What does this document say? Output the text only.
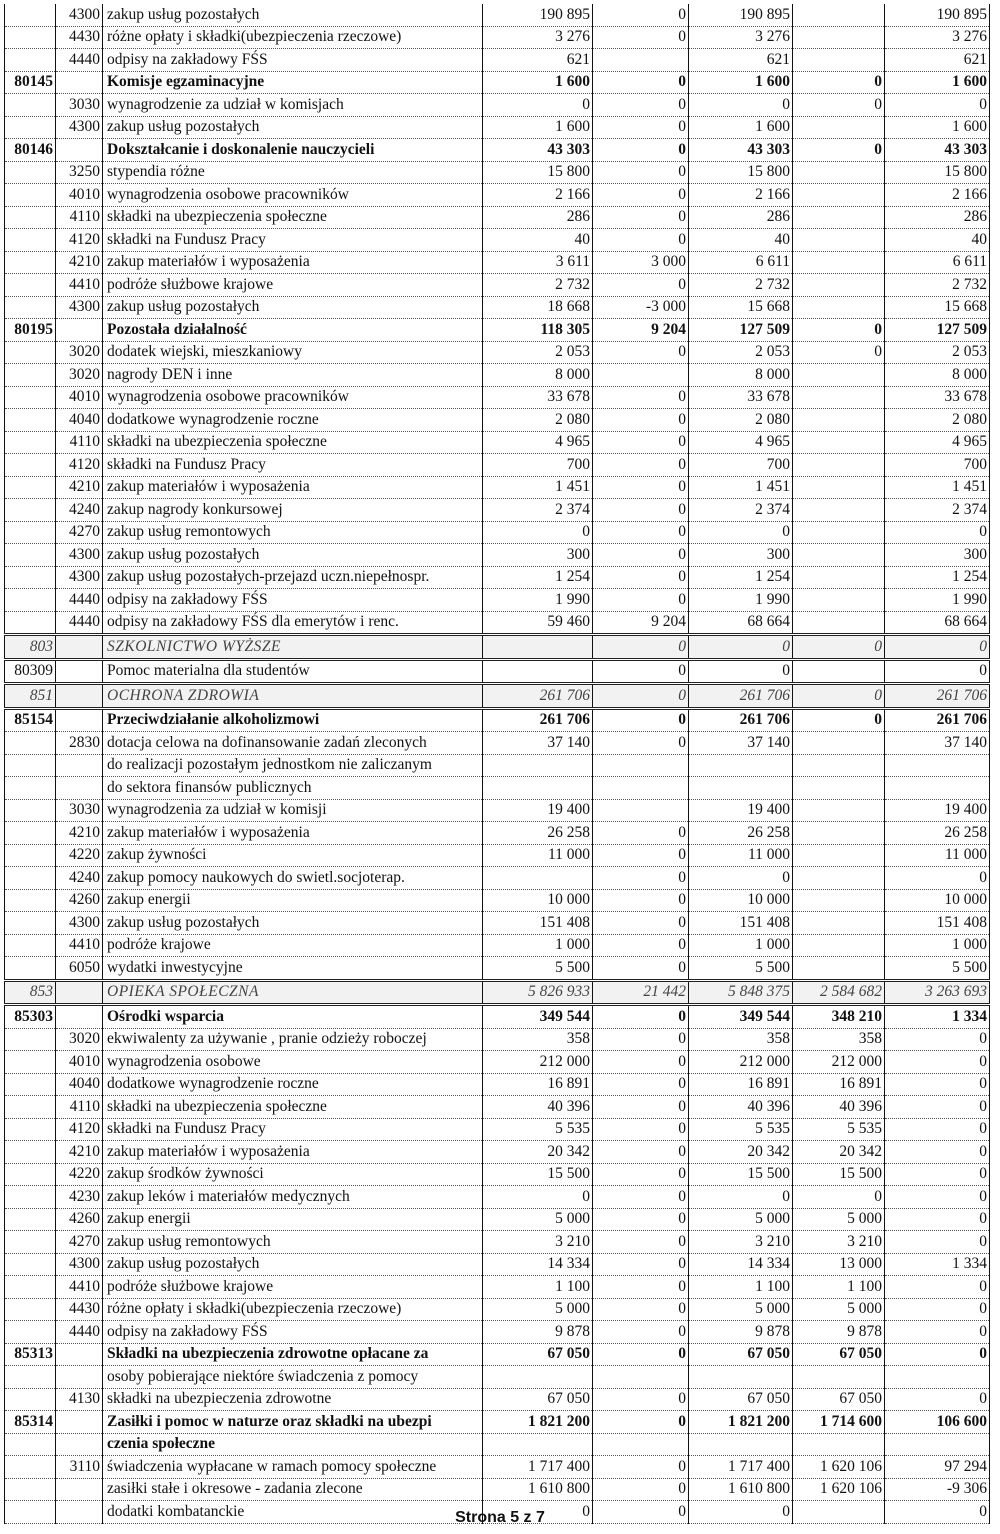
	4300	zakup usług pozostałych	190 895	0	190 895		190 895
	4430	różne opłaty i składki(ubezpieczenia rzeczowe)	3 276	0	3 276		3 276
	4440	odpisy na zakładowy FŚS	621		621		621
80145		Komisje egzaminacyjne	1 600	0	1 600	0	1 600
	3030	wynagrodzenie za udział w komisjach	0	0	0	0	0
	4300	zakup usług pozostałych	1 600	0	1 600		1 600
80146		Dokształcanie i doskonalenie nauczycieli	43 303	0	43 303	0	43 303
	3250	stypendia różne	15 800	0	15 800		15 800
	4010	wynagrodzenia osobowe pracowników	2 166	0	2 166		2 166
	4110	składki na ubezpieczenia społeczne	286	0	286		286
	4120	składki na Fundusz Pracy	40	0	40		40
	4210	zakup materiałów i wyposażenia	3 611	3 000	6 611		6 611
	4410	podróże służbowe krajowe	2 732	0	2 732		2 732
	4300	zakup usług pozostałych	18 668	-3 000	15 668		15 668
80195		Pozostała działalność	118 305	9 204	127 509	0	127 509
	3020	dodatek wiejski, mieszkaniowy	2 053	0	2 053	0	2 053
	3020	nagrody DEN i inne	8 000		8 000		8 000
	4010	wynagrodzenia osobowe pracowników	33 678	0	33 678		33 678
	4040	dodatkowe wynagrodzenie roczne	2 080	0	2 080		2 080
	4110	składki na ubezpieczenia społeczne	4 965	0	4 965		4 965
	4120	składki na Fundusz Pracy	700	0	700		700
	4210	zakup materiałów i wyposażenia	1 451	0	1 451		1 451
	4240	zakup nagrody konkursowej	2 374	0	2 374		2 374
	4270	zakup usług remontowych	0	0	0		0
	4300	zakup usług pozostałych	300	0	300		300
	4300	zakup usług pozostałych-przejazd uczn.niepełnospr.	1 254	0	1 254		1 254
	4440	odpisy na zakładowy FŚS	1 990	0	1 990		1 990
	4440	odpisy na zakładowy FŚS dla emerytów i renc.	59 460	9 204	68 664		68 664
803		SZKOLNICTWO WYŻSZE		0	0	0	0
80309		Pomoc materialna dla studentów		0	0		0
851		OCHRONA ZDROWIA	261 706	0	261 706	0	261 706
85154		Przeciwdziałanie alkoholizmowi	261 706	0	261 706	0	261 706
	2830	dotacja celowa na dofinansowanie zadań zleconych	37 140	0	37 140		37 140
		do realizacji pozostałym jednostkom nie zaliczanym					
		do sektora finansów publicznych					
	3030	wynagrodzenia za udział w komisji	19 400		19 400		19 400
	4210	zakup materiałów i wyposażenia	26 258	0	26 258		26 258
	4220	zakup żywności	11 000	0	11 000		11 000
	4240	zakup pomocy naukowych do swietl.socjoterap.		0	0		0
	4260	zakup energii	10 000	0	10 000		10 000
	4300	zakup usług pozostałych	151 408	0	151 408		151 408
	4410	podróże krajowe	1 000	0	1 000		1 000
	6050	wydatki inwestycyjne	5 500	0	5 500		5 500
853		OPIEKA SPOŁECZNA	5 826 933	21 442	5 848 375	2 584 682	3 263 693
85303		Ośrodki wsparcia	349 544	0	349 544	348 210	1 334
	3020	ekwiwalenty za używanie , pranie odzieży roboczej	358	0	358	358	0
	4010	wynagrodzenia osobowe	212 000	0	212 000	212 000	0
	4040	dodatkowe wynagrodzenie roczne	16 891	0	16 891	16 891	0
	4110	składki na ubezpieczenia społeczne	40 396	0	40 396	40 396	0
	4120	składki na Fundusz Pracy	5 535	0	5 535	5 535	0
	4210	zakup materiałów i wyposażenia	20 342	0	20 342	20 342	0
	4220	zakup środków żywności	15 500	0	15 500	15 500	0
	4230	zakup leków i materiałów medycznych	0	0	0	0	0
	4260	zakup energii	5 000	0	5 000	5 000	0
	4270	zakup usług remontowych	3 210	0	3 210	3 210	0
	4300	zakup usług pozostałych	14 334	0	14 334	13 000	1 334
	4410	podróże służbowe krajowe	1 100	0	1 100	1 100	0
	4430	różne opłaty i składki(ubezpieczenia rzeczowe)	5 000	0	5 000	5 000	0
	4440	odpisy na zakładowy FŚS	9 878	0	9 878	9 878	0
85313		Składki na ubezpieczenia zdrowotne opłacane za	67 050	0	67 050	67 050	0
		osoby pobierające niektóre świadczenia z pomocy					
	4130	składki na ubezpieczenia zdrowotne	67 050	0	67 050	67 050	0
85314		Zasiłki i pomoc w naturze oraz składki na ubezpi	1 821 200	0	1 821 200	1 714 600	106 600
		czenia społeczne					
	3110	świadczenia wypłacane w ramach pomocy społeczne	1 717 400	0	1 717 400	1 620 106	97 294
		zasiłki stałe i okresowe - zadania zlecone	1 610 800	0	1 610 800	1 620 106	-9 306
		dodatki kombatanckie	0	0	0		0
Strona 5 z 7
